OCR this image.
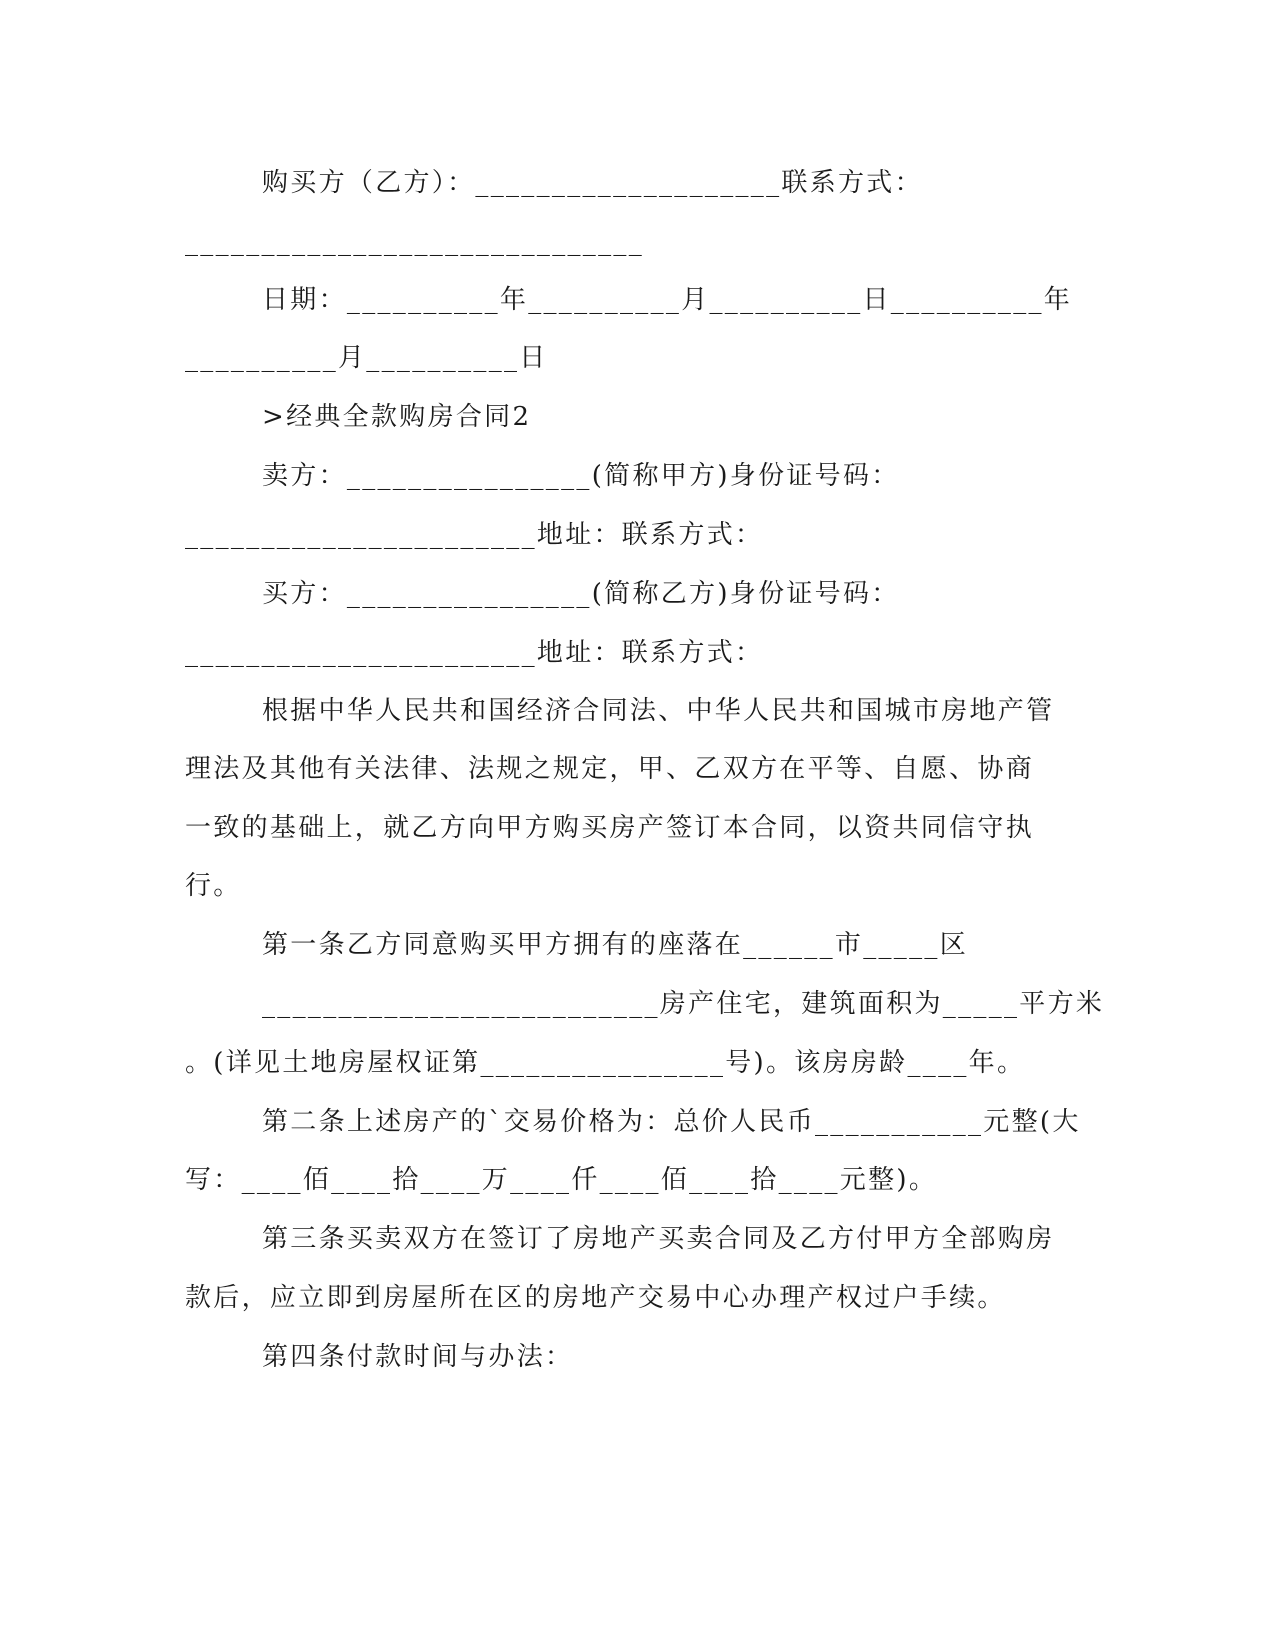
购买方（乙方）：____________________联系方式：
______________________________
日期：__________年__________月__________日__________年
__________月__________日
>经典全款购房合同2
卖方：________________(简称甲方)身份证号码：
_______________________地址：联系方式：
买方：________________(简称乙方)身份证号码：
_______________________地址：联系方式：
根据中华人民共和国经济合同法、中华人民共和国城市房地产管
理法及其他有关法律、法规之规定，甲、乙双方在平等、自愿、协商
一致的基础上，就乙方向甲方购买房产签订本合同，以资共同信守执
行。
第一条乙方同意购买甲方拥有的座落在______市_____区
__________________________房产住宅，建筑面积为_____平方米
。(详见土地房屋权证第________________号)。该房房龄____年。
第二条上述房产的`交易价格为：总价人民币___________元整(大
写：____佰____拾____万____仟____佰____拾____元整)。
第三条买卖双方在签订了房地产买卖合同及乙方付甲方全部购房
款后，应立即到房屋所在区的房地产交易中心办理产权过户手续。
第四条付款时间与办法：
